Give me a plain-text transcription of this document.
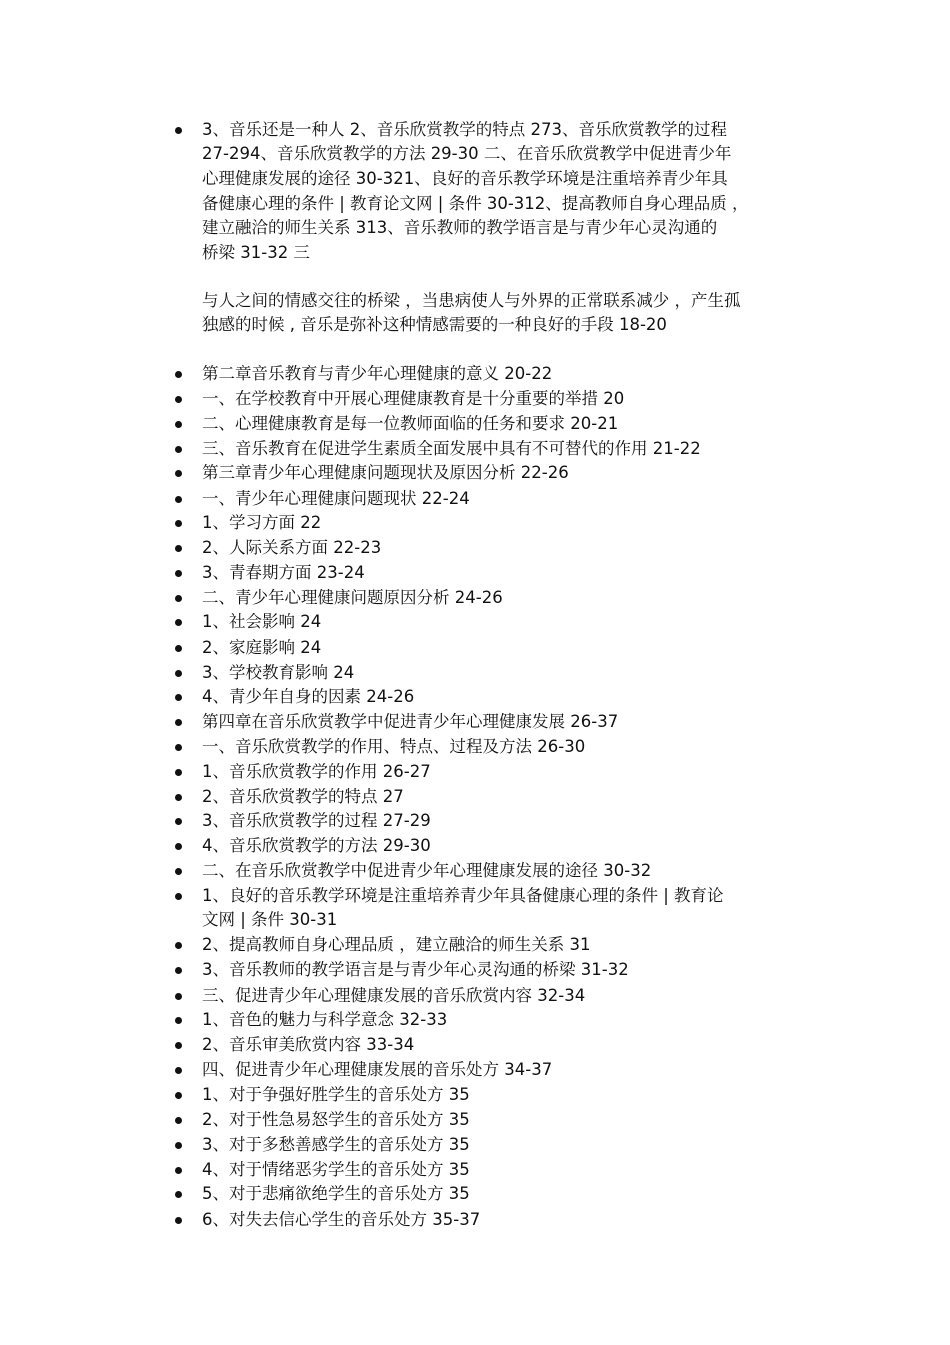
3、音乐还是一种人 2、音乐欣赏教学的特点 273、音乐欣赏教学的过程
27-294、音乐欣赏教学的方法 29-30 二、在音乐欣赏教学中促进青少年
心理健康发展的途径 30-321、良好的音乐教学环境是注重培养青少年具
备健康心理的条件 | 教育论文网 | 条件 30-312、提高教师自身心理品质 ，
建立融洽的师生关系 313、音乐教师的教学语言是与青少年心灵沟通的
桥梁 31-32 三
与人之间的情感交往的桥梁 ，当患病使人与外界的正常联系减少 ，产生孤
独感的时候 , 音乐是弥补这种情感需要的一种良好的手段 18-20
第二章音乐教育与青少年心理健康的意义 20-22
一、在学校教育中开展心理健康教育是十分重要的举措 20
二、心理健康教育是每一位教师面临的任务和要求 20-21
三、音乐教育在促进学生素质全面发展中具有不可替代的作用 21-22
第三章青少年心理健康问题现状及原因分析 22-26
一、青少年心理健康问题现状 22-24
1、学习方面 22
2、人际关系方面 22-23
3、青春期方面 23-24
二、青少年心理健康问题原因分析 24-26
1、社会影响 24
2、家庭影响 24
3、学校教育影响 24
4、青少年自身的因素 24-26
第四章在音乐欣赏教学中促进青少年心理健康发展 26-37
一、音乐欣赏教学的作用、特点、过程及方法 26-30
1、音乐欣赏教学的作用 26-27
2、音乐欣赏教学的特点 27
3、音乐欣赏教学的过程 27-29
4、音乐欣赏教学的方法 29-30
二、在音乐欣赏教学中促进青少年心理健康发展的途径 30-32
1、良好的音乐教学环境是注重培养青少年具备健康心理的条件 | 教育论
文网 | 条件 30-31
2、提高教师自身心理品质 ，建立融洽的师生关系 31
3、音乐教师的教学语言是与青少年心灵沟通的桥梁 31-32
三、促进青少年心理健康发展的音乐欣赏内容 32-34
1、音色的魅力与科学意念 32-33
2、音乐审美欣赏内容 33-34
四、促进青少年心理健康发展的音乐处方 34-37
1、对于争强好胜学生的音乐处方 35
2、对于性急易怒学生的音乐处方 35
3、对于多愁善感学生的音乐处方 35
4、对于情绪恶劣学生的音乐处方 35
5、对于悲痛欲绝学生的音乐处方 35
6、对失去信心学生的音乐处方 35-37
